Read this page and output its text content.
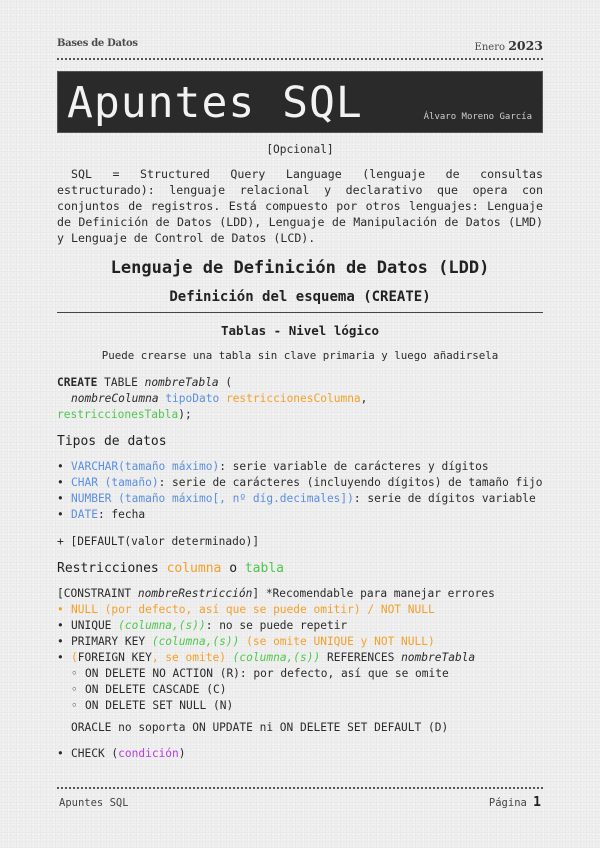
Bases de Datos	Enero 2023
Apuntes SQL	Álvaro Moreno García
[Opcional]
SQL = Structured Query Language (lenguaje de consultas estructurado): lenguaje relacional y declarativo que opera con conjuntos de registros. Está compuesto por otros lenguajes: Lenguaje de Definición de Datos (LDD), Lenguaje de Manipulación de Datos (LMD) y Lenguaje de Control de Datos (LCD).
Lenguaje de Definición de Datos (LDD)
Definición del esquema (CREATE)
Tablas - Nivel lógico
Puede crearse una tabla sin clave primaria y luego añadirsela
CREATE TABLE nombreTabla (
nombreColumna tipoDato restriccionesColumna,
restriccionesTabla);
Tipos de datos
• VARCHAR(tamaño máximo): serie variable de carácteres y dígitos
• CHAR (tamaño): serie de carácteres (incluyendo dígitos) de tamaño fijo
• NUMBER (tamaño máximo[, nº díg.decimales]): serie de dígitos variable
• DATE: fecha
+ [DEFAULT(valor determinado)]
Restricciones columna o tabla
[CONSTRAINT nombreRestricción] *Recomendable para manejar errores
• NULL (por defecto, así que se puede omitir) / NOT NULL
• UNIQUE (columna,(s)): no se puede repetir
• PRIMARY KEY (columna,(s)) (se omite UNIQUE y NOT NULL)
• (FOREIGN KEY, se omite) (columna,(s)) REFERENCES nombreTabla
◦ ON DELETE NO ACTION (R): por defecto, así que se omite
◦ ON DELETE CASCADE (C)
◦ ON DELETE SET NULL (N)
ORACLE no soporta ON UPDATE ni ON DELETE SET DEFAULT (D)
• CHECK (condición)
Apuntes SQL	Página 1
